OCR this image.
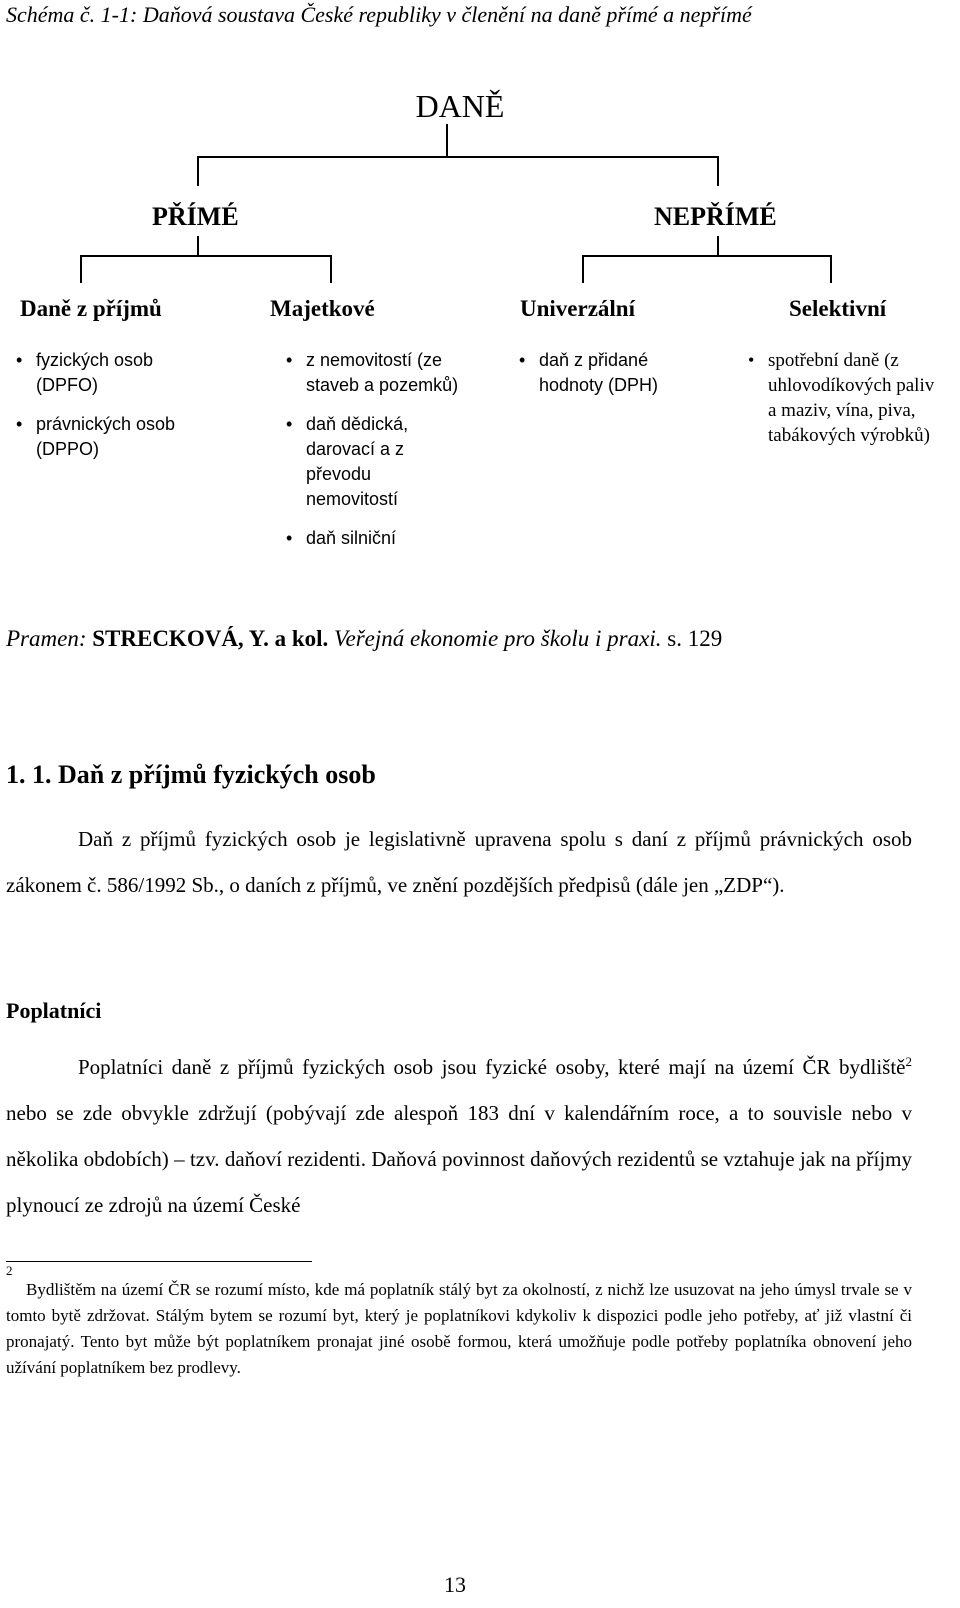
Schéma č. 1-1: Daňová soustava České republiky v členění na daně přímé a nepřímé
DANĚ
PŘÍMÉ	NEPŘÍMÉ
Daně z příjmů	Majetkové	Univerzální	Selektivní
• fyzických osob (DPFO)
• právnických osob (DPPO)
• z nemovitostí (ze staveb a pozemků)
• daň dědická, darovací a z převodu nemovitostí
• daň silniční
• daň z přidané hodnoty (DPH)
• spotřební daně (z uhlovodíkových paliv a maziv, vína, piva, tabákových výrobků)
Pramen: STRECKOVÁ, Y. a kol. Veřejná ekonomie pro školu i praxi. s. 129
1. 1. Daň z příjmů fyzických osob
Daň z příjmů fyzických osob je legislativně upravena spolu s daní z příjmů právnických osob zákonem č. 586/1992 Sb., o daních z příjmů, ve znění pozdějších předpisů (dále jen „ZDP“).
Poplatníci
Poplatníci daně z příjmů fyzických osob jsou fyzické osoby, které mají na území ČR bydliště$^2$ nebo se zde obvykle zdržují (pobývají zde alespoň 183 dní v kalendářním roce, a to souvisle nebo v několika obdobích) – tzv. daňoví rezidenti. Daňová povinnost daňových rezidentů se vztahuje jak na příjmy plynoucí ze zdrojů na území České
2
Bydlištěm na území ČR se rozumí místo, kde má poplatník stálý byt za okolností, z nichž lze usuzovat na jeho úmysl trvale se v tomto bytě zdržovat. Stálým bytem se rozumí byt, který je poplatníkovi kdykoliv k dispozici podle jeho potřeby, ať již vlastní či pronajatý. Tento byt může být poplatníkem pronajat jiné osobě formou, která umožňuje podle potřeby poplatníka obnovení jeho užívání poplatníkem bez prodlevy.
13
